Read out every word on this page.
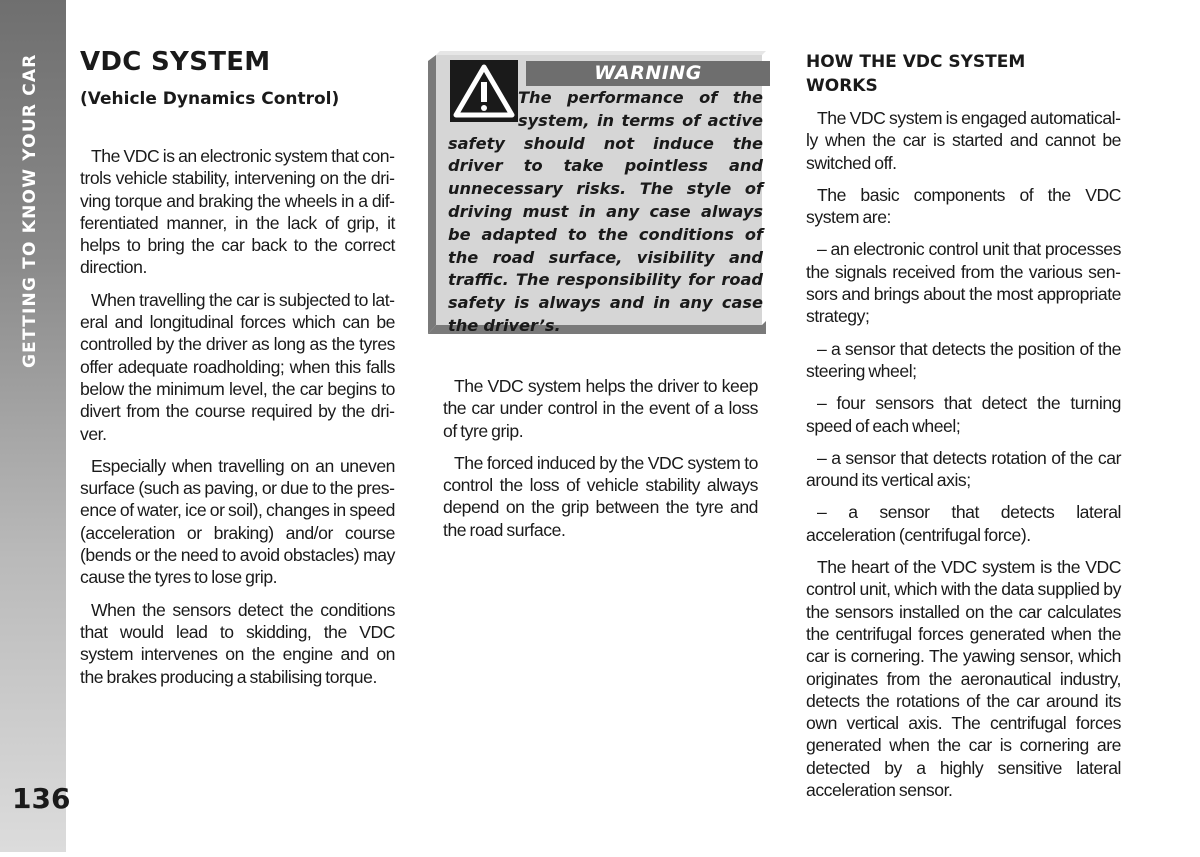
GETTING TO KNOW YOUR CAR
136
VDC SYSTEM
(Vehicle Dynamics Control)

The VDC is an electronic system that controls vehicle stability, intervening on the driving torque and braking the wheels in a differentiated manner, in the lack of grip, it helps to bring the car back to the correct direction.

When travelling the car is subjected to lateral and longitudinal forces which can be controlled by the driver as long as the tyres offer adequate roadholding; when this falls below the minimum level, the car begins to divert from the course required by the driver.

Especially when travelling on an uneven surface (such as paving, or due to the presence of water, ice or soil), changes in speed (acceleration or braking) and/or course (bends or the need to avoid obstacles) may cause the tyres to lose grip.

When the sensors detect the conditions that would lead to skidding, the VDC system intervenes on the engine and on the brakes producing a stabilising torque.

WARNING
The performance of the system, in terms of active safety should not induce the driver to take pointless and unnecessary risks. The style of driving must in any case always be adapted to the conditions of the road surface, visibility and traffic. The responsibility for road safety is always and in any case the driver’s.

The VDC system helps the driver to keep the car under control in the event of a loss of tyre grip.

The forced induced by the VDC system to control the loss of vehicle stability always depend on the grip between the tyre and the road surface.

HOW THE VDC SYSTEM WORKS

The VDC system is engaged automatically when the car is started and cannot be switched off.

The basic components of the VDC system are:

– an electronic control unit that processes the signals received from the various sensors and brings about the most appropriate strategy;

– a sensor that detects the position of the steering wheel;

– four sensors that detect the turning speed of each wheel;

– a sensor that detects rotation of the car around its vertical axis;

– a sensor that detects lateral acceleration (centrifugal force).

The heart of the VDC system is the VDC control unit, which with the data supplied by the sensors installed on the car calculates the centrifugal forces generated when the car is cornering. The yawing sensor, which originates from the aeronautical industry, detects the rotations of the car around its own vertical axis. The centrifugal forces generated when the car is cornering are detected by a highly sensitive lateral acceleration sensor.
